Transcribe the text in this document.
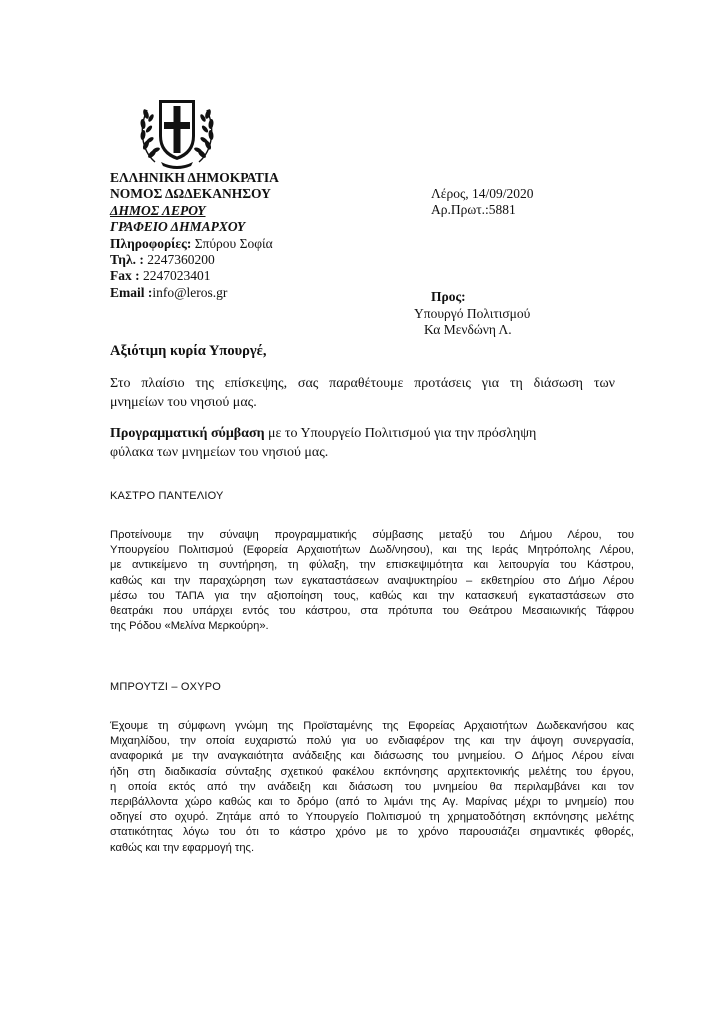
ΕΛΛΗΝΙΚΗ ΔΗΜΟΚΡΑΤΙΑ
ΝΟΜΟΣ ΔΩΔΕΚΑΝΗΣΟΥ
ΔΗΜΟΣ ΛΕΡΟΥ
ΓΡΑΦΕΙΟ ΔΗΜΑΡΧΟΥ
Πληροφορίες: Σπύρου Σοφία
Τηλ. : 2247360200
Fax : 2247023401
Email :info@leros.gr
Λέρος, 14/09/2020
Αρ.Πρωτ.:5881
Προς:
Υπουργό Πολιτισμού
Κα Μενδώνη Λ.
Αξιότιμη κυρία Υπουργέ,
Στο πλαίσιο της επίσκεψης, σας παραθέτουμε προτάσεις για τη διάσωση των
μνημείων του νησιού μας.
Προγραμματική σύμβαση με το Υπουργείο Πολιτισμού για την πρόσληψη
φύλακα των μνημείων του νησιού μας.
ΚΑΣΤΡΟ ΠΑΝΤΕΛΙΟΥ
Προτείνουμε την σύναψη προγραμματικής σύμβασης μεταξύ του Δήμου Λέρου, του
Υπουργείου Πολιτισμού (Εφορεία Αρχαιοτήτων Δωδ/νησου), και της Ιεράς Μητρόπολης Λέρου,
με αντικείμενο τη συντήρηση, τη φύλαξη, την επισκεψιμότητα και λειτουργία του Κάστρου,
καθώς και την παραχώρηση των εγκαταστάσεων αναψυκτηρίου – εκθετηρίου στο Δήμο Λέρου
μέσω του ΤΑΠΑ για την αξιοποίηση τους, καθώς και την κατασκευή εγκαταστάσεων στο
θεατράκι που υπάρχει εντός του κάστρου, στα πρότυπα του Θεάτρου Μεσαιωνικής Τάφρου
της Ρόδου «Μελίνα Μερκούρη».
ΜΠΡΟΥΤΖΙ – ΟΧΥΡΟ
Έχουμε τη σύμφωνη γνώμη της Προϊσταμένης της Εφορείας Αρχαιοτήτων Δωδεκανήσου κας
Μιχαηλίδου, την οποία ευχαριστώ πολύ για υο ενδιαφέρον της και την άψογη συνεργασία,
αναφορικά με την αναγκαιότητα ανάδειξης και διάσωσης του μνημείου. Ο Δήμος Λέρου είναι
ήδη στη διαδικασία σύνταξης σχετικού φακέλου εκπόνησης αρχιτεκτονικής μελέτης του έργου,
η οποία εκτός από την ανάδειξη και διάσωση του μνημείου θα περιλαμβάνει και τον
περιβάλλοντα χώρο καθώς και το δρόμο (από το λιμάνι της Αγ. Μαρίνας μέχρι το μνημείο) που
οδηγεί στο οχυρό. Ζητάμε από το Υπουργείο Πολιτισμού τη χρηματοδότηση εκπόνησης μελέτης
στατικότητας λόγω του ότι το κάστρο χρόνο με το χρόνο παρουσιάζει σημαντικές φθορές,
καθώς και την εφαρμογή της.
